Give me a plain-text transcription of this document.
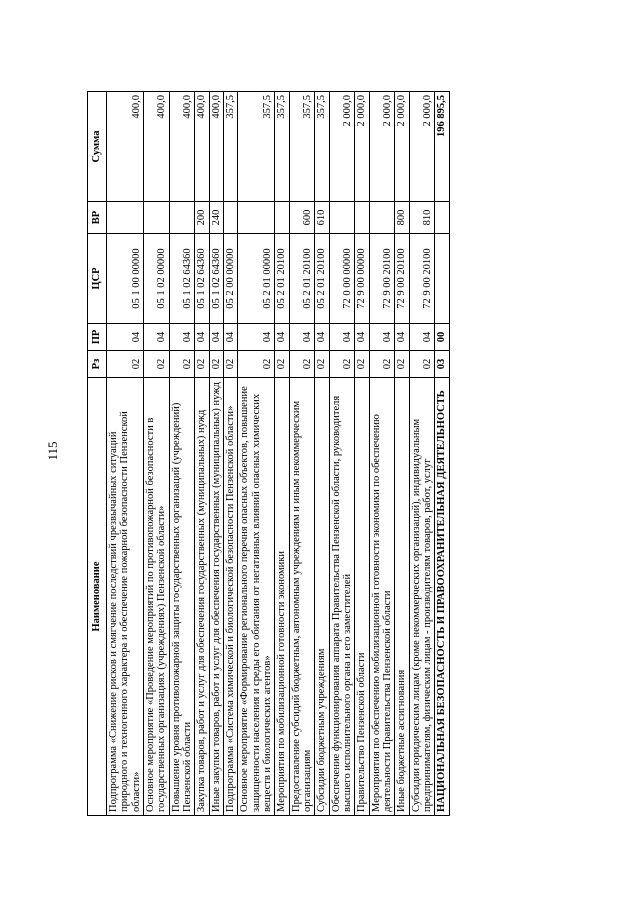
115
Наименование	Рз	ПР	ЦСР	ВР	Сумма
Подпрограмма «Снижение рисков и смягчение последствий чрезвычайных ситуаций природного и техногенного характера и обеспечение пожарной безопасности Пензенской области»	02	04	05 1 00 00000		400,0
Основное мероприятие «Проведение мероприятий по противопожарной безопасности в государственных организациях (учреждениях) Пензенской области»	02	04	05 1 02 00000		400,0
Повышение уровня противопожарной защиты государственных организаций (учреждений) Пензенской области	02	04	05 1 02 64360		400,0
Закупка товаров, работ и услуг для обеспечения государственных (муниципальных) нужд	02	04	05 1 02 64360	200	400,0
Иные закупки товаров, работ и услуг для обеспечения государственных (муниципальных) нужд	02	04	05 1 02 64360	240	400,0
Подпрограмма «Система химической и биологической безопасности Пензенской области»	02	04	05 2 00 00000		357,5
Основное мероприятие «Формирование регионального перечня опасных объектов, повышение защищенности населения и среды его обитания от негативных влияний опасных химических веществ и биологических агентов»	02	04	05 2 01 00000		357,5
Мероприятия по мобилизационной готовности экономики	02	04	05 2 01 20100		357,5
Предоставление субсидий бюджетным, автономным учреждениям и иным некоммерческим организациям	02	04	05 2 01 20100	600	357,5
Субсидии бюджетным учреждениям	02	04	05 2 01 20100	610	357,5
Обеспечение функционирования аппарата Правительства Пензенской области, руководителя высшего исполнительного органа и его заместителей	02	04	72 0 00 00000		2 000,0
Правительство Пензенской области	02	04	72 9 00 00000		2 000,0
Мероприятия по обеспечению мобилизационной готовности экономики по обеспечению деятельности Правительства Пензенской области	02	04	72 9 00 20100		2 000,0
Иные бюджетные ассигнования	02	04	72 9 00 20100	800	2 000,0
Субсидии юридическим лицам (кроме некоммерческих организаций), индивидуальным предпринимателям, физическим лицам - производителям товаров, работ, услуг	02	04	72 9 00 20100	810	2 000,0
НАЦИОНАЛЬНАЯ БЕЗОПАСНОСТЬ И ПРАВООХРАНИТЕЛЬНАЯ ДЕЯТЕЛЬНОСТЬ	03	00			196 895,5
